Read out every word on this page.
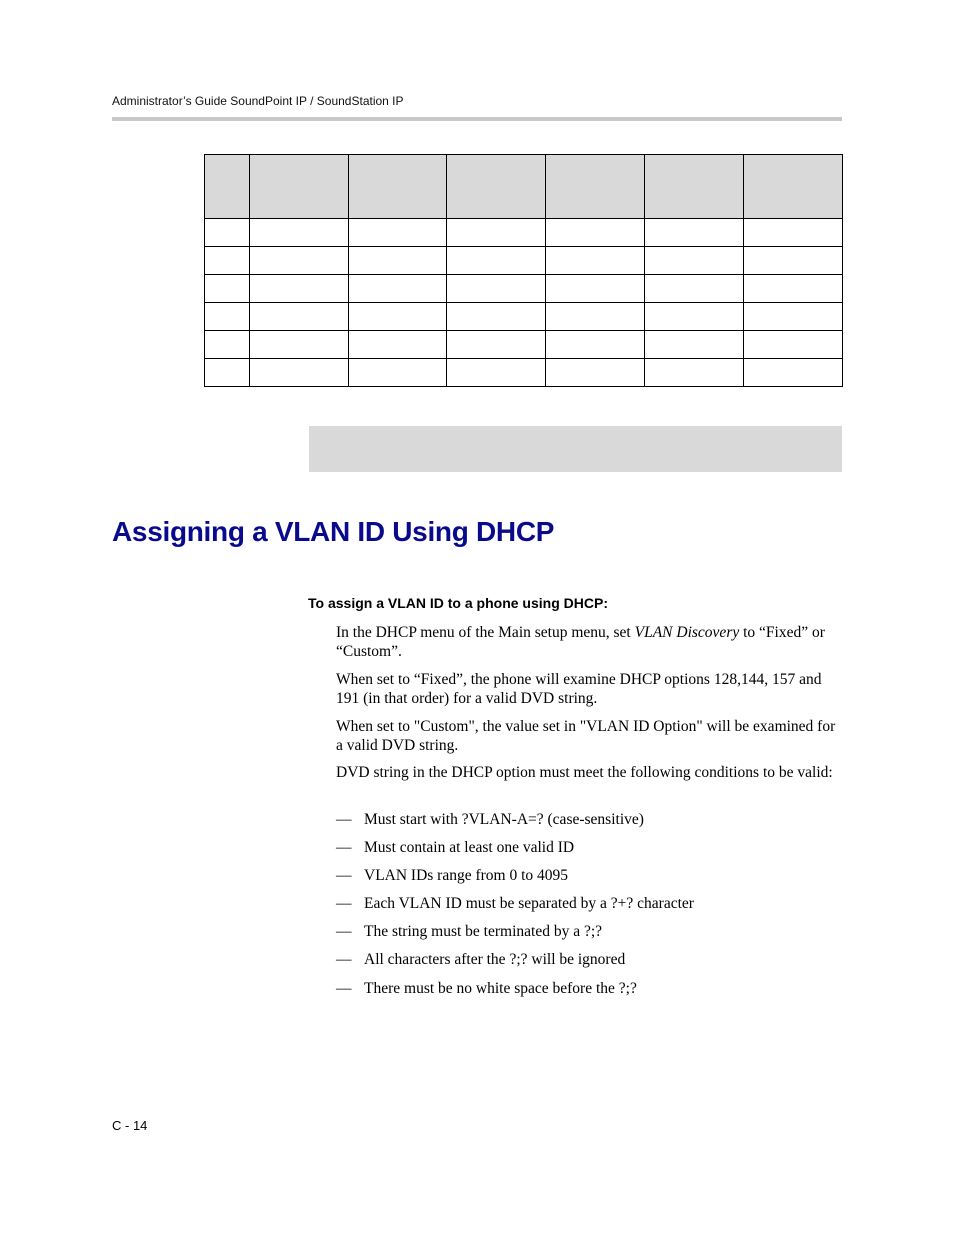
Administrator’s Guide SoundPoint IP / SoundStation IP

Assigning a VLAN ID Using DHCP
To assign a VLAN ID to a phone using DHCP:
In the DHCP menu of the Main setup menu, set VLAN Discovery to “Fixed” or “Custom”.
When set to “Fixed”, the phone will examine DHCP options 128,144, 157 and 191 (in that order) for a valid DVD string.
When set to "Custom", the value set in "VLAN ID Option" will be examined for a valid DVD string.
DVD string in the DHCP option must meet the following conditions to be valid:
— Must start with ?VLAN-A=? (case-sensitive)
— Must contain at least one valid ID
— VLAN IDs range from 0 to 4095
— Each VLAN ID must be separated by a ?+? character
— The string must be terminated by a ?;?
— All characters after the ?;? will be ignored
— There must be no white space before the ?;?
C - 14
